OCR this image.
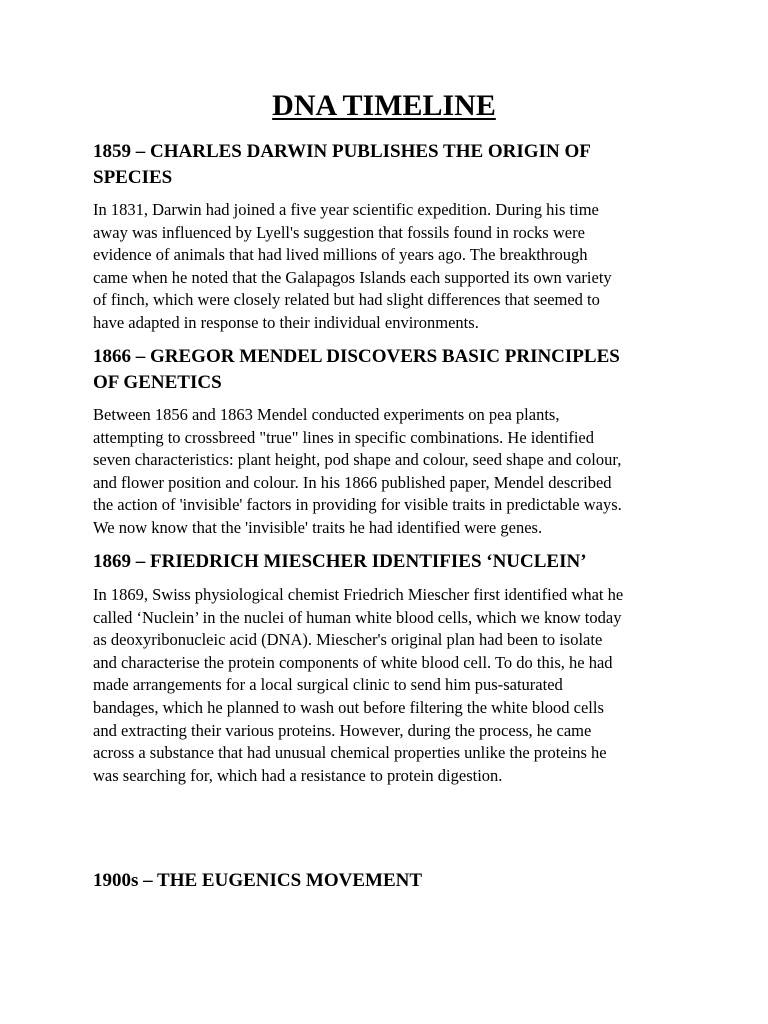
DNA TIMELINE
1859 – CHARLES DARWIN PUBLISHES THE ORIGIN OF
SPECIES

In 1831, Darwin had joined a five year scientific expedition. During his time
away was influenced by Lyell's suggestion that fossils found in rocks were
evidence of animals that had lived millions of years ago. The breakthrough
came when he noted that the Galapagos Islands each supported its own variety
of finch, which were closely related but had slight differences that seemed to
have adapted in response to their individual environments.

1866 – GREGOR MENDEL DISCOVERS BASIC PRINCIPLES
OF GENETICS

Between 1856 and 1863 Mendel conducted experiments on pea plants,
attempting to crossbreed "true" lines in specific combinations. He identified
seven characteristics: plant height, pod shape and colour, seed shape and colour,
and flower position and colour. In his 1866 published paper, Mendel described
the action of 'invisible' factors in providing for visible traits in predictable ways.
We now know that the 'invisible' traits he had identified were genes.

1869 – FRIEDRICH MIESCHER IDENTIFIES ‘NUCLEIN’

In 1869, Swiss physiological chemist Friedrich Miescher first identified what he
called ‘Nuclein’ in the nuclei of human white blood cells, which we know today
as deoxyribonucleic acid (DNA). Miescher's original plan had been to isolate
and characterise the protein components of white blood cell. To do this, he had
made arrangements for a local surgical clinic to send him pus-saturated
bandages, which he planned to wash out before filtering the white blood cells
and extracting their various proteins. However, during the process, he came
across a substance that had unusual chemical properties unlike the proteins he
was searching for, which had a resistance to protein digestion.

1900s – THE EUGENICS MOVEMENT
